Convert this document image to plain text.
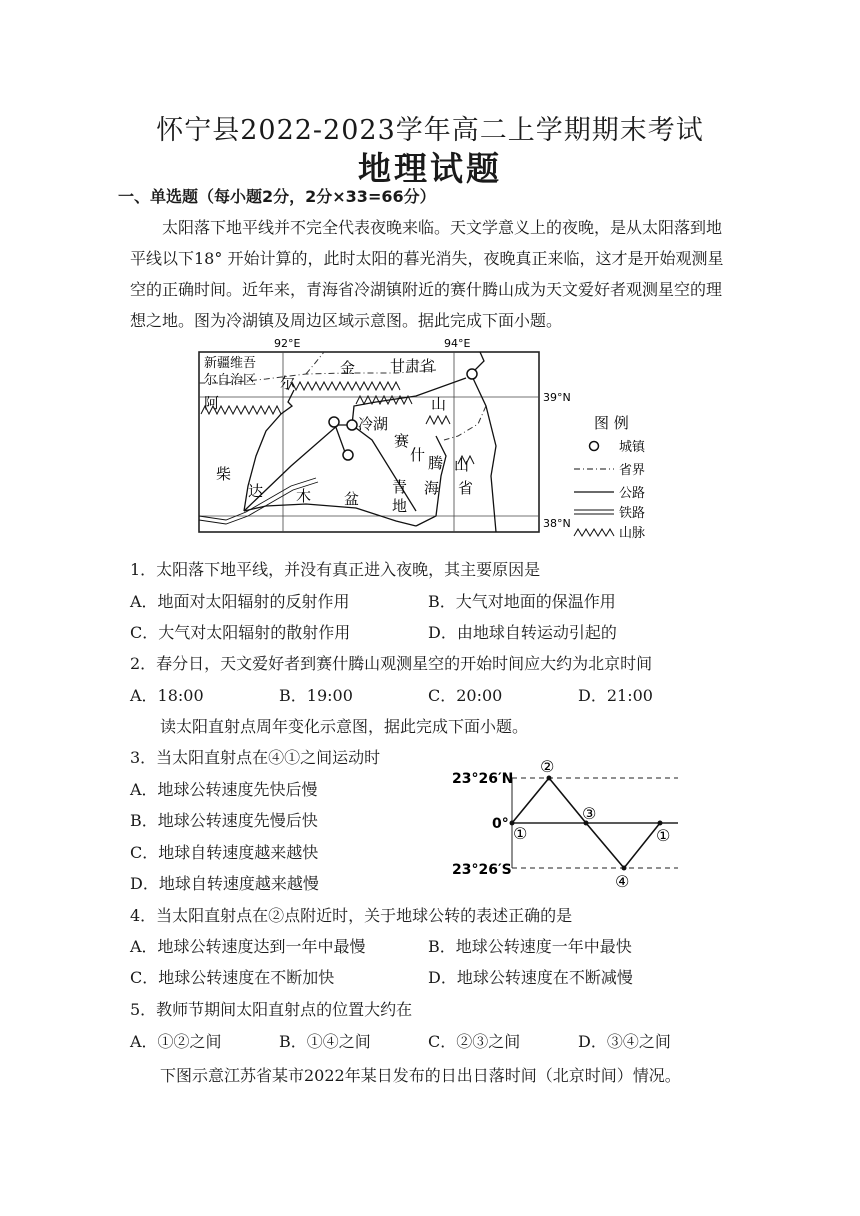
怀宁县2022-2023学年高二上学期期末考试
地理试题
一、单选题（每小题2分，2分×33=66分）
太阳落下地平线并不完全代表夜晚来临。天文学意义上的夜晚，是从太阳落到地平线以下18° 开始计算的，此时太阳的暮光消失，夜晚真正来临，这才是开始观测星空的正确时间。近年来，青海省冷湖镇附近的赛什腾山成为天文爱好者观测星空的理想之地。图为冷湖镇及周边区域示意图。据此完成下面小题。
92°E	94°E
39°N
38°N
新疆维吾
尔自治区
甘肃省
阿
尔
金
山
冷湖
赛
什 腾 山
青 海 省
柴
达 木 盆 地
图 例
城镇
省界
公路
铁路
山脉
1．太阳落下地平线，并没有真正进入夜晚，其主要原因是
A．地面对太阳辐射的反射作用	B．大气对地面的保温作用
C．大气对太阳辐射的散射作用	D．由地球自转运动引起的
2．春分日，天文爱好者到赛什腾山观测星空的开始时间应大约为北京时间
A．18:00	B．19:00	C．20:00	D．21:00
读太阳直射点周年变化示意图，据此完成下面小题。
3．当太阳直射点在④①之间运动时
A．地球公转速度先快后慢
B．地球公转速度先慢后快
C．地球自转速度越来越快
D．地球自转速度越来越慢
23°26′N
0°
23°26′S
②
①
③
①
④
4．当太阳直射点在②点附近时，关于地球公转的表述正确的是
A．地球公转速度达到一年中最慢	B．地球公转速度一年中最快
C．地球公转速度在不断加快	D．地球公转速度在不断减慢
5．教师节期间太阳直射点的位置大约在
A．①②之间	B．①④之间	C．②③之间	D．③④之间
下图示意江苏省某市2022年某日发布的日出日落时间（北京时间）情况。
